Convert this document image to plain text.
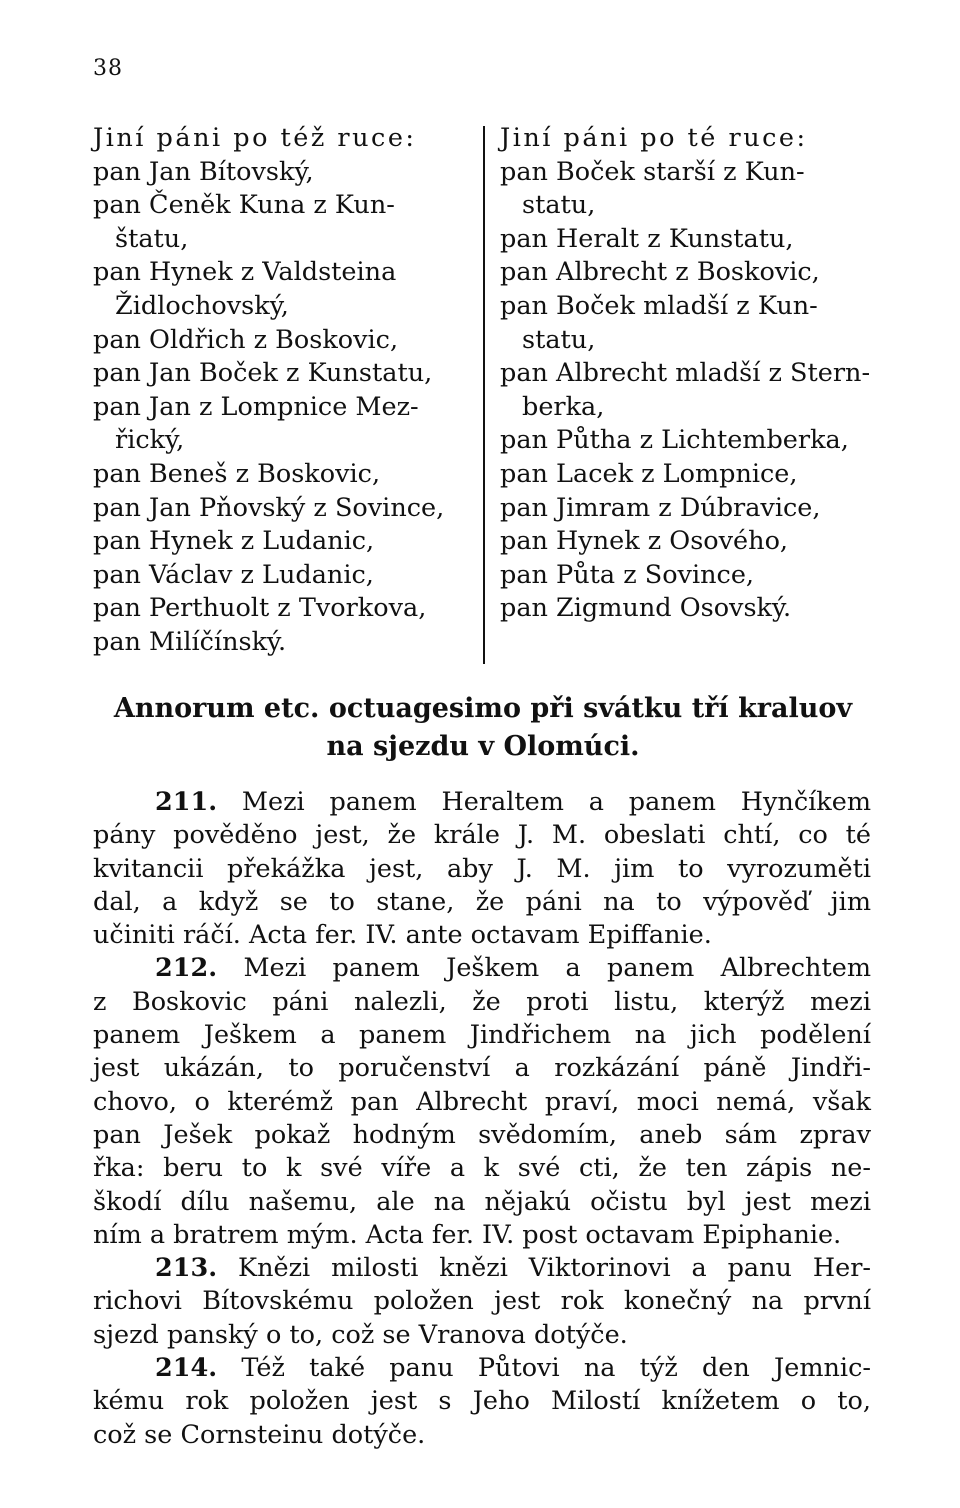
38
Jiní páni po též ruce:
pan Jan Bítovský,
pan Čeněk Kuna z Kun-
štatu,
pan Hynek z Valdsteina
Židlochovský,
pan Oldřich z Boskovic,
pan Jan Boček z Kunstatu,
pan Jan z Lompnice Mez-
řický,
pan Beneš z Boskovic,
pan Jan Pňovský z Sovince,
pan Hynek z Ludanic,
pan Václav z Ludanic,
pan Perthuolt z Tvorkova,
pan Milíčínský.
Jiní páni po té ruce:
pan Boček starší z Kun-
statu,
pan Heralt z Kunstatu,
pan Albrecht z Boskovic,
pan Boček mladší z Kun-
statu,
pan Albrecht mladší z Stern-
berka,
pan Půtha z Lichtemberka,
pan Lacek z Lompnice,
pan Jimram z Dúbravice,
pan Hynek z Osového,
pan Půta z Sovince,
pan Zigmund Osovský.
Annorum etc. octuagesimo při svátku tří kraluov
na sjezdu v Olomúci.
211. Mezi panem Heraltem a panem Hynčíkem
pány pověděno jest, že krále J. M. obeslati chtí, co té
kvitancii překážka jest, aby J. M. jim to vyrozuměti
dal, a když se to stane, že páni na to výpověď jim
učiniti ráčí. Acta fer. IV. ante octavam Epiffanie.
212. Mezi panem Ješkem a panem Albrechtem
z Boskovic páni nalezli, že proti listu, kterýž mezi
panem Ješkem a panem Jindřichem na jich podělení
jest ukázán, to poručenství a rozkázání páně Jindři-
chovo, o kterémž pan Albrecht praví, moci nemá, však
pan Ješek pokaž hodným svědomím, aneb sám zprav
řka: beru to k své víře a k své cti, že ten zápis ne-
škodí dílu našemu, ale na nějakú očistu byl jest mezi
ním a bratrem mým. Acta fer. IV. post octavam Epiphanie.
213. Knězi milosti knězi Viktorinovi a panu Her-
richovi Bítovskému položen jest rok konečný na první
sjezd panský o to, což se Vranova dotýče.
214. Též také panu Půtovi na týž den Jemnic-
kému rok položen jest s Jeho Milostí knížetem o to,
což se Cornsteinu dotýče.
